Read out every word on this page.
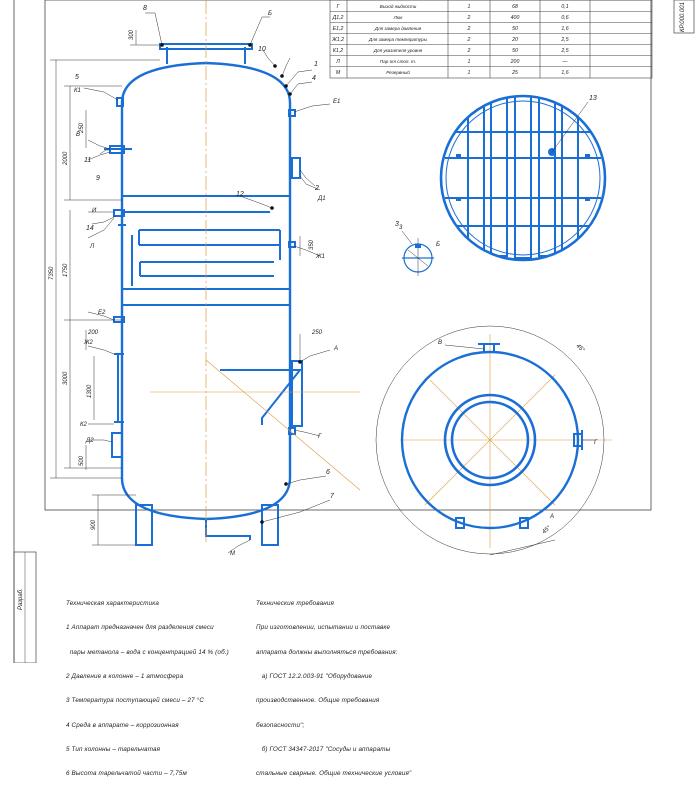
Разраб.
КР.000.001
Г	Выход жидкости	1	68	0,1
Д1,2	Люк	2	400	0,6
Е1,2	Для замера давления	2	50	1,6
Ж1,2	Для замера температуры	2	20	2,5
К1,2	Для указателя уровня	2	50	2,5
Л	Пар от стоп. т.	1	200	—
М	Резервный	1	25	1,6
7350
2000
1750
3000
1300
500
900
300
250
200
350
250
1
2
3
4
5
6
7
8
9
10
11
12
13
14
Б
Е1
Е2
Ж1
Ж2
К1
К2
Д1
Д2
Г
А
Л
М
И
В
Б
3
В
Г
А
45°
45°

Техническая характеристика

1 Аппарат предназначен для разделения смеси

пары метанола – вода с концентрацией 14 % (об.)

2 Давление в колонне – 1 атмосфера

3 Температура поступающей смеси – 27 °С

4 Среда в аппарате – коррозионная

5 Тип колонны – тарельчатая

6 Высота тарельчатой части – 7,75м

Технические требования

При изготовлении, испытании и поставке

аппарата должны выполняться требования:

а) ГОСТ 12.2.003-91 "Оборудование

производственное. Общие требования

безопасности";

б) ГОСТ 34347-2017 "Сосуды и аппараты

стальные сварные. Общие технические условия"
